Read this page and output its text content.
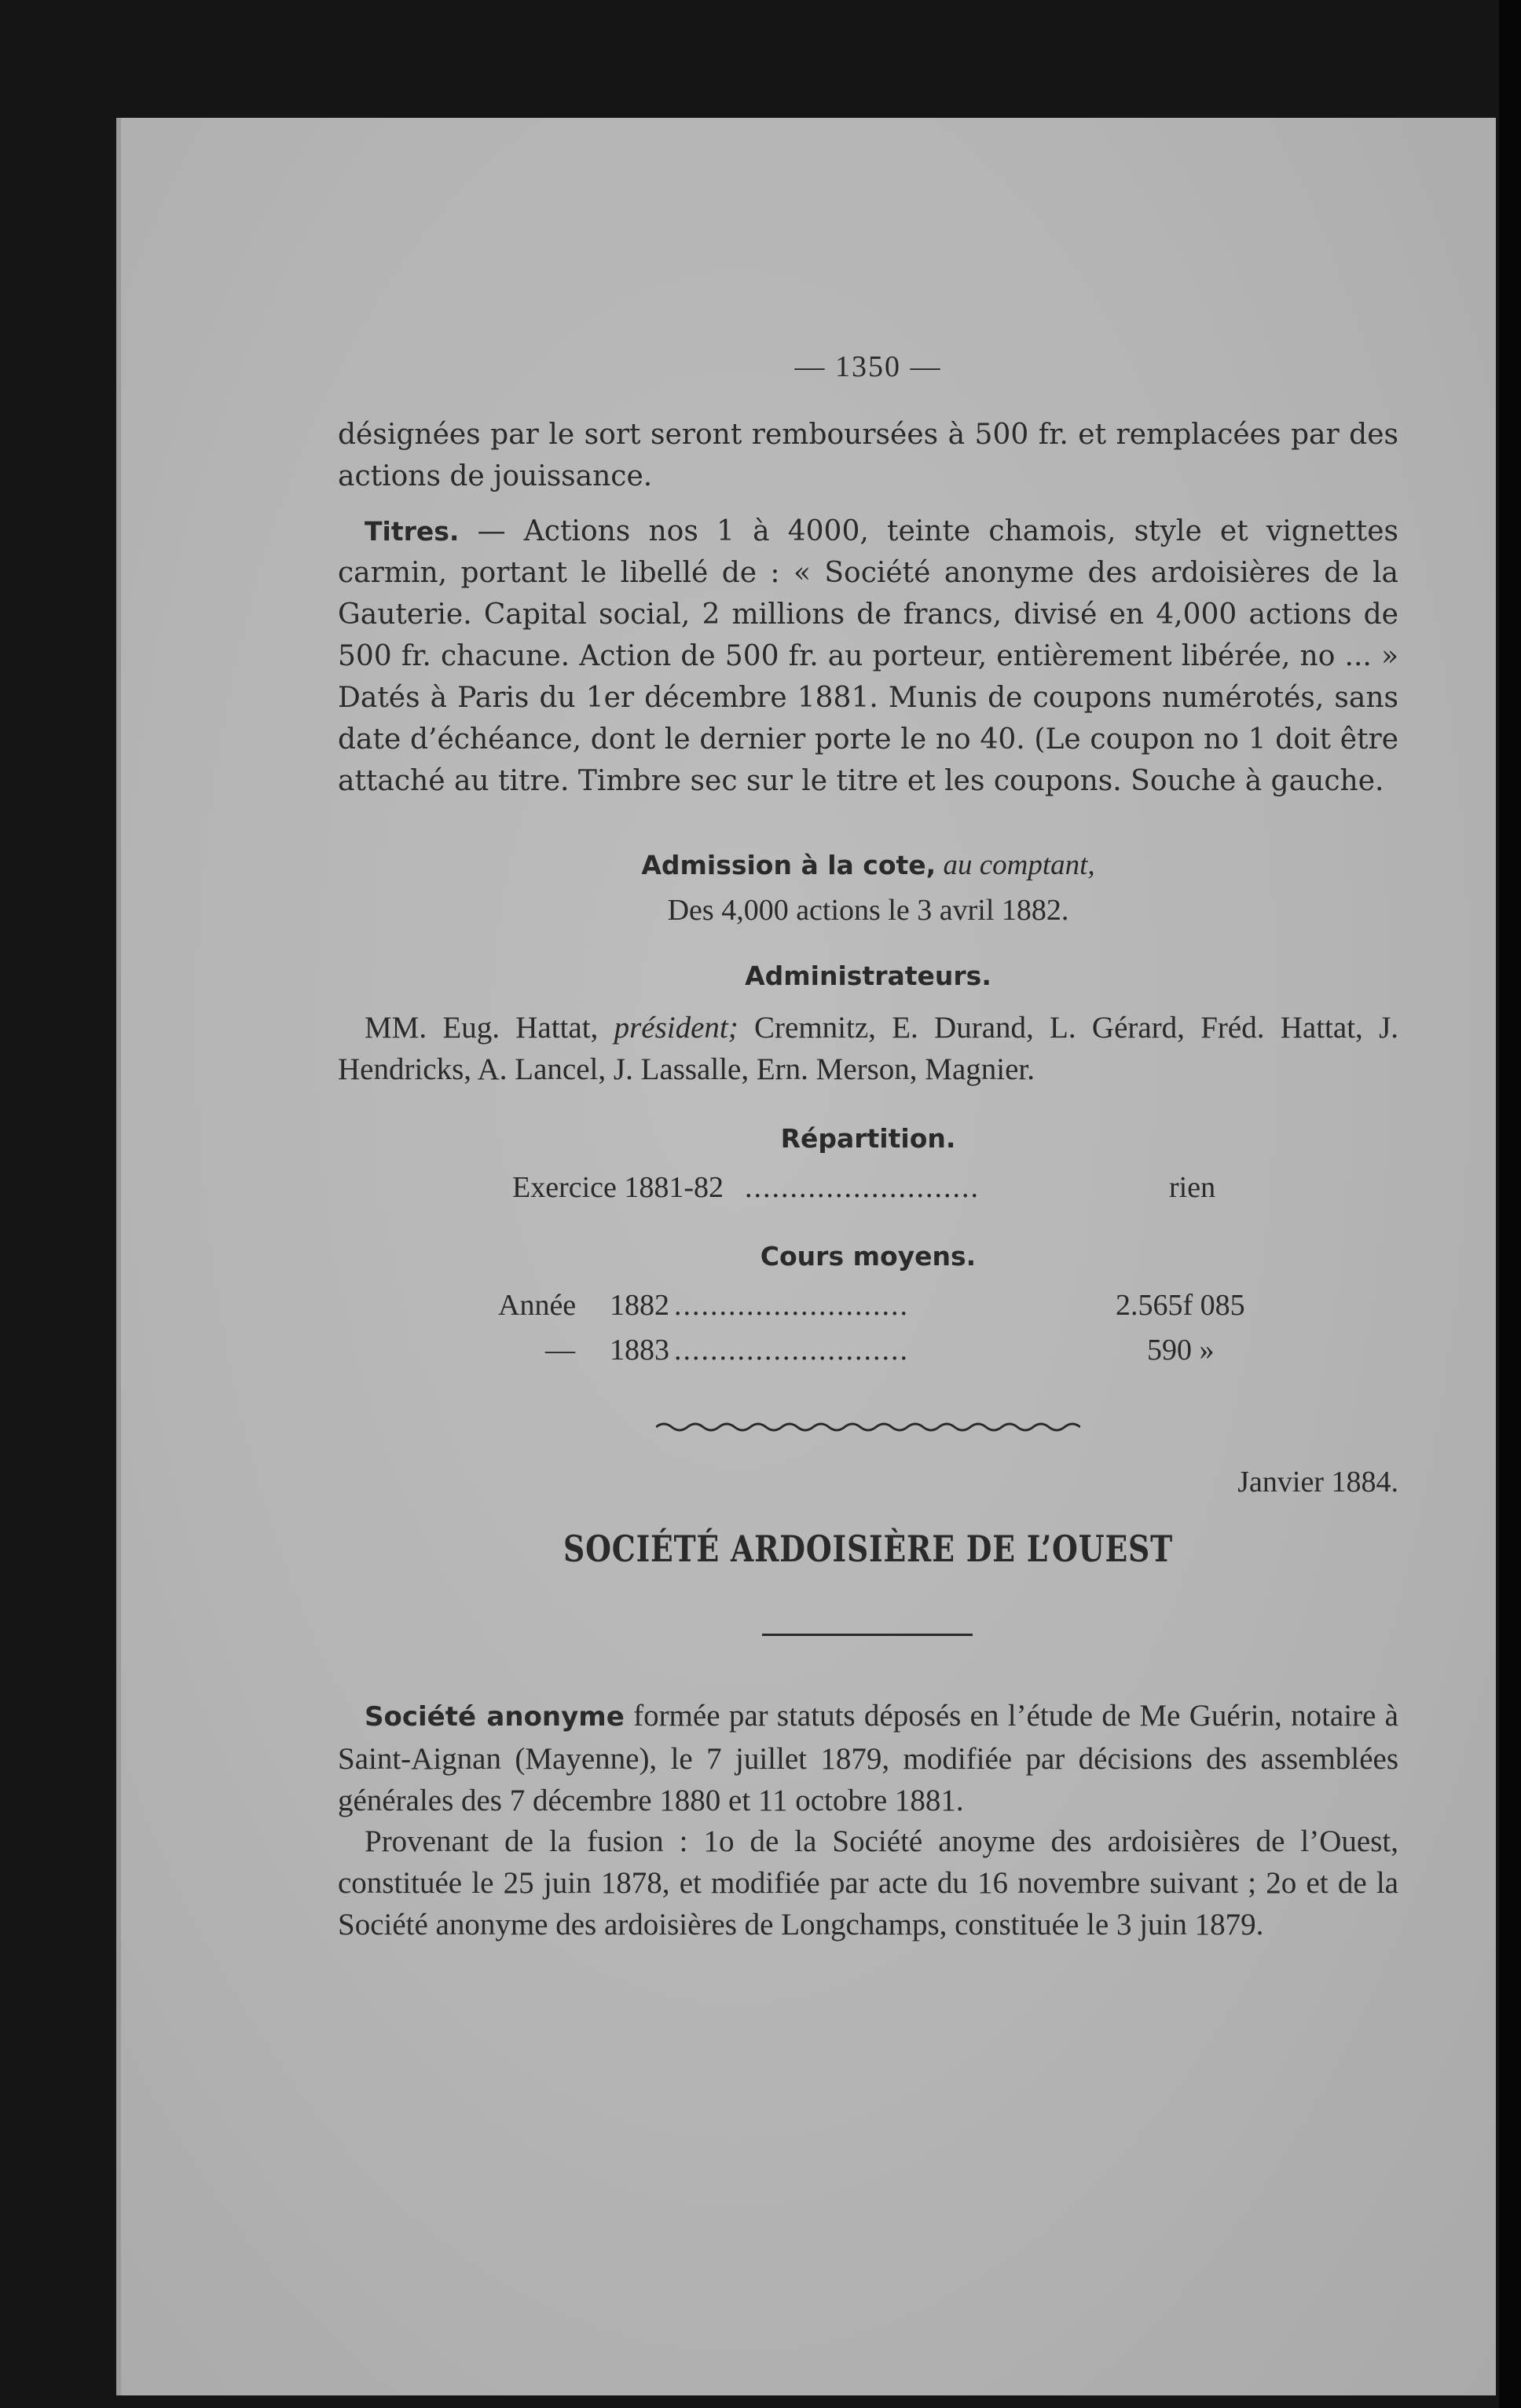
— 1350 —
désignées par le sort seront remboursées à 500 fr. et remplacées par des actions de jouissance.
Titres. — Actions nos 1 à 4000, teinte chamois, style et vignettes carmin, portant le libellé de : « Société anonyme des ardoisières de la Gauterie. Capital social, 2 millions de francs, divisé en 4,000 actions de 500 fr. chacune. Action de 500 fr. au porteur, entièrement libérée, no ... » Datés à Paris du 1er décembre 1881. Munis de coupons numérotés, sans date d’échéance, dont le dernier porte le no 40. (Le coupon no 1 doit être attaché au titre. Timbre sec sur le titre et les coupons. Souche à gauche.
Admission à la cote, au comptant,
Des 4,000 actions le 3 avril 1882.
Administrateurs.
MM. Eug. Hattat, président; Cremnitz, E. Durand, L. Gérard, Fréd. Hattat, J. Hendricks, A. Lancel, J. Lassalle, Ern. Merson, Magnier.
Répartition.
Exercice 1881-82 ..........................	rien
Cours moyens.
Année 1882 ..........................	2.565f 085
— 1883 ..........................	590 »
Janvier 1884.
SOCIÉTÉ ARDOISIÈRE DE L’OUEST
Société anonyme formée par statuts déposés en l’étude de Me Guérin, notaire à Saint-Aignan (Mayenne), le 7 juillet 1879, modifiée par décisions des assemblées générales des 7 décembre 1880 et 11 octobre 1881.
Provenant de la fusion : 1o de la Société anoyme des ardoisières de l’Ouest, constituée le 25 juin 1878, et modifiée par acte du 16 novembre suivant ; 2o et de la Société anonyme des ardoisières de Longchamps, constituée le 3 juin 1879.
